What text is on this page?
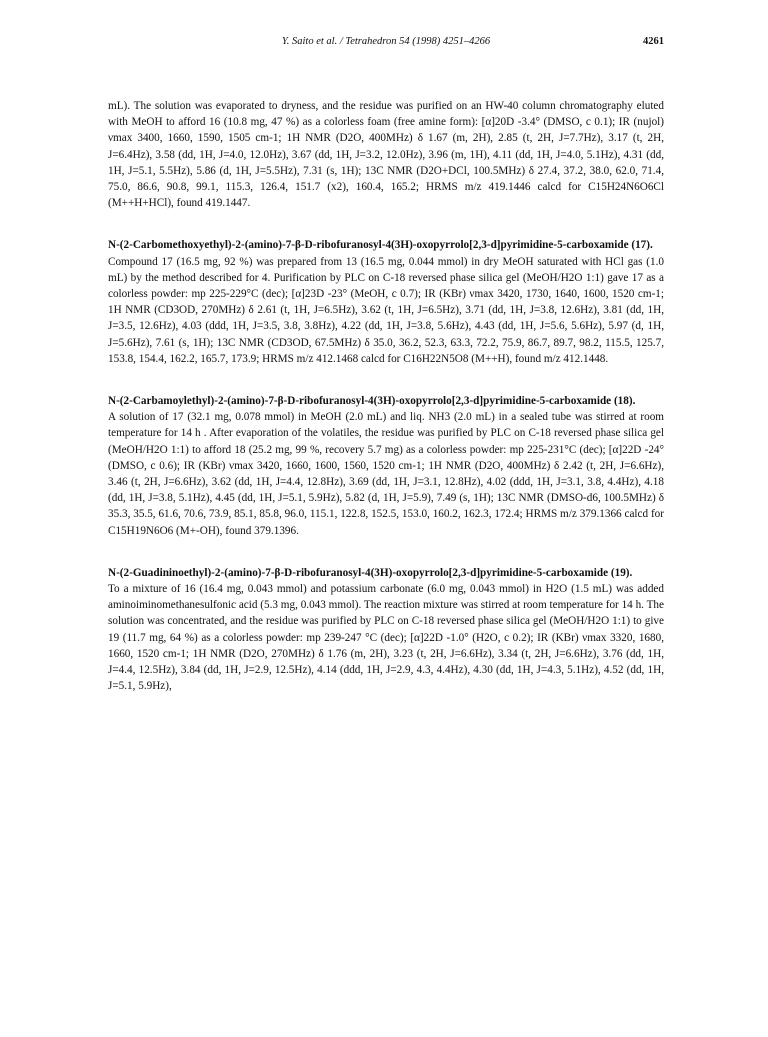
Y. Saito et al. / Tetrahedron 54 (1998) 4251–4266	4261

mL). The solution was evaporated to dryness, and the residue was purified on an HW-40 column chromatography eluted with MeOH to afford 16 (10.8 mg, 47 %) as a colorless foam (free amine form): [α]20D -3.4° (DMSO, c 0.1); IR (nujol) νmax 3400, 1660, 1590, 1505 cm-1; 1H NMR (D2O, 400MHz) δ 1.67 (m, 2H), 2.85 (t, 2H, J=7.7Hz), 3.17 (t, 2H, J=6.4Hz), 3.58 (dd, 1H, J=4.0, 12.0Hz), 3.67 (dd, 1H, J=3.2, 12.0Hz), 3.96 (m, 1H), 4.11 (dd, 1H, J=4.0, 5.1Hz), 4.31 (dd, 1H, J=5.1, 5.5Hz), 5.86 (d, 1H, J=5.5Hz), 7.31 (s, 1H); 13C NMR (D2O+DCl, 100.5MHz) δ 27.4, 37.2, 38.0, 62.0, 71.4, 75.0, 86.6, 90.8, 99.1, 115.3, 126.4, 151.7 (x2), 160.4, 165.2; HRMS m/z 419.1446 calcd for C15H24N6O6Cl (M++H+HCl), found 419.1447.

N-(2-Carbomethoxyethyl)-2-(amino)-7-β-D-ribofuranosyl-4(3H)-oxopyrrolo[2,3-d]pyrimidine-5-carboxamide (17).

Compound 17 (16.5 mg, 92 %) was prepared from 13 (16.5 mg, 0.044 mmol) in dry MeOH saturated with HCl gas (1.0 mL) by the method described for 4. Purification by PLC on C-18 reversed phase silica gel (MeOH/H2O 1:1) gave 17 as a colorless powder: mp 225-229°C (dec); [α]23D -23° (MeOH, c 0.7); IR (KBr) νmax 3420, 1730, 1640, 1600, 1520 cm-1; 1H NMR (CD3OD, 270MHz) δ 2.61 (t, 1H, J=6.5Hz), 3.62 (t, 1H, J=6.5Hz), 3.71 (dd, 1H, J=3.8, 12.6Hz), 3.81 (dd, 1H, J=3.5, 12.6Hz), 4.03 (ddd, 1H, J=3.5, 3.8, 3.8Hz), 4.22 (dd, 1H, J=3.8, 5.6Hz), 4.43 (dd, 1H, J=5.6, 5.6Hz), 5.97 (d, 1H, J=5.6Hz), 7.61 (s, 1H); 13C NMR (CD3OD, 67.5MHz) δ 35.0, 36.2, 52.3, 63.3, 72.2, 75.9, 86.7, 89.7, 98.2, 115.5, 125.7, 153.8, 154.4, 162.2, 165.7, 173.9; HRMS m/z 412.1468 calcd for C16H22N5O8 (M++H), found m/z 412.1448.

N-(2-Carbamoylethyl)-2-(amino)-7-β-D-ribofuranosyl-4(3H)-oxopyrrolo[2,3-d]pyrimidine-5-carboxamide (18).

A solution of 17 (32.1 mg, 0.078 mmol) in MeOH (2.0 mL) and liq. NH3 (2.0 mL) in a sealed tube was stirred at room temperature for 14 h . After evaporation of the volatiles, the residue was purified by PLC on C-18 reversed phase silica gel (MeOH/H2O 1:1) to afford 18 (25.2 mg, 99 %, recovery 5.7 mg) as a colorless powder: mp 225-231°C (dec); [α]22D -24° (DMSO, c 0.6); IR (KBr) νmax 3420, 1660, 1600, 1560, 1520 cm-1; 1H NMR (D2O, 400MHz) δ 2.42 (t, 2H, J=6.6Hz), 3.46 (t, 2H, J=6.6Hz), 3.62 (dd, 1H, J=4.4, 12.8Hz), 3.69 (dd, 1H, J=3.1, 12.8Hz), 4.02 (ddd, 1H, J=3.1, 3.8, 4.4Hz), 4.18 (dd, 1H, J=3.8, 5.1Hz), 4.45 (dd, 1H, J=5.1, 5.9Hz), 5.82 (d, 1H, J=5.9), 7.49 (s, 1H); 13C NMR (DMSO-d6, 100.5MHz) δ 35.3, 35.5, 61.6, 70.6, 73.9, 85.1, 85.8, 96.0, 115.1, 122.8, 152.5, 153.0, 160.2, 162.3, 172.4; HRMS m/z 379.1366 calcd for C15H19N6O6 (M+-OH), found 379.1396.

N-(2-Guadininoethyl)-2-(amino)-7-β-D-ribofuranosyl-4(3H)-oxopyrrolo[2,3-d]pyrimidine-5-carboxamide (19).

To a mixture of 16 (16.4 mg, 0.043 mmol) and potassium carbonate (6.0 mg, 0.043 mmol) in H2O (1.5 mL) was added aminoiminomethanesulfonic acid (5.3 mg, 0.043 mmol). The reaction mixture was stirred at room temperature for 14 h. The solution was concentrated, and the residue was purified by PLC on C-18 reversed phase silica gel (MeOH/H2O 1:1) to give 19 (11.7 mg, 64 %) as a colorless powder: mp 239-247 °C (dec); [α]22D -1.0° (H2O, c 0.2); IR (KBr) νmax 3320, 1680, 1660, 1520 cm-1; 1H NMR (D2O, 270MHz) δ 1.76 (m, 2H), 3.23 (t, 2H, J=6.6Hz), 3.34 (t, 2H, J=6.6Hz), 3.76 (dd, 1H, J=4.4, 12.5Hz), 3.84 (dd, 1H, J=2.9, 12.5Hz), 4.14 (ddd, 1H, J=2.9, 4.3, 4.4Hz), 4.30 (dd, 1H, J=4.3, 5.1Hz), 4.52 (dd, 1H, J=5.1, 5.9Hz),
